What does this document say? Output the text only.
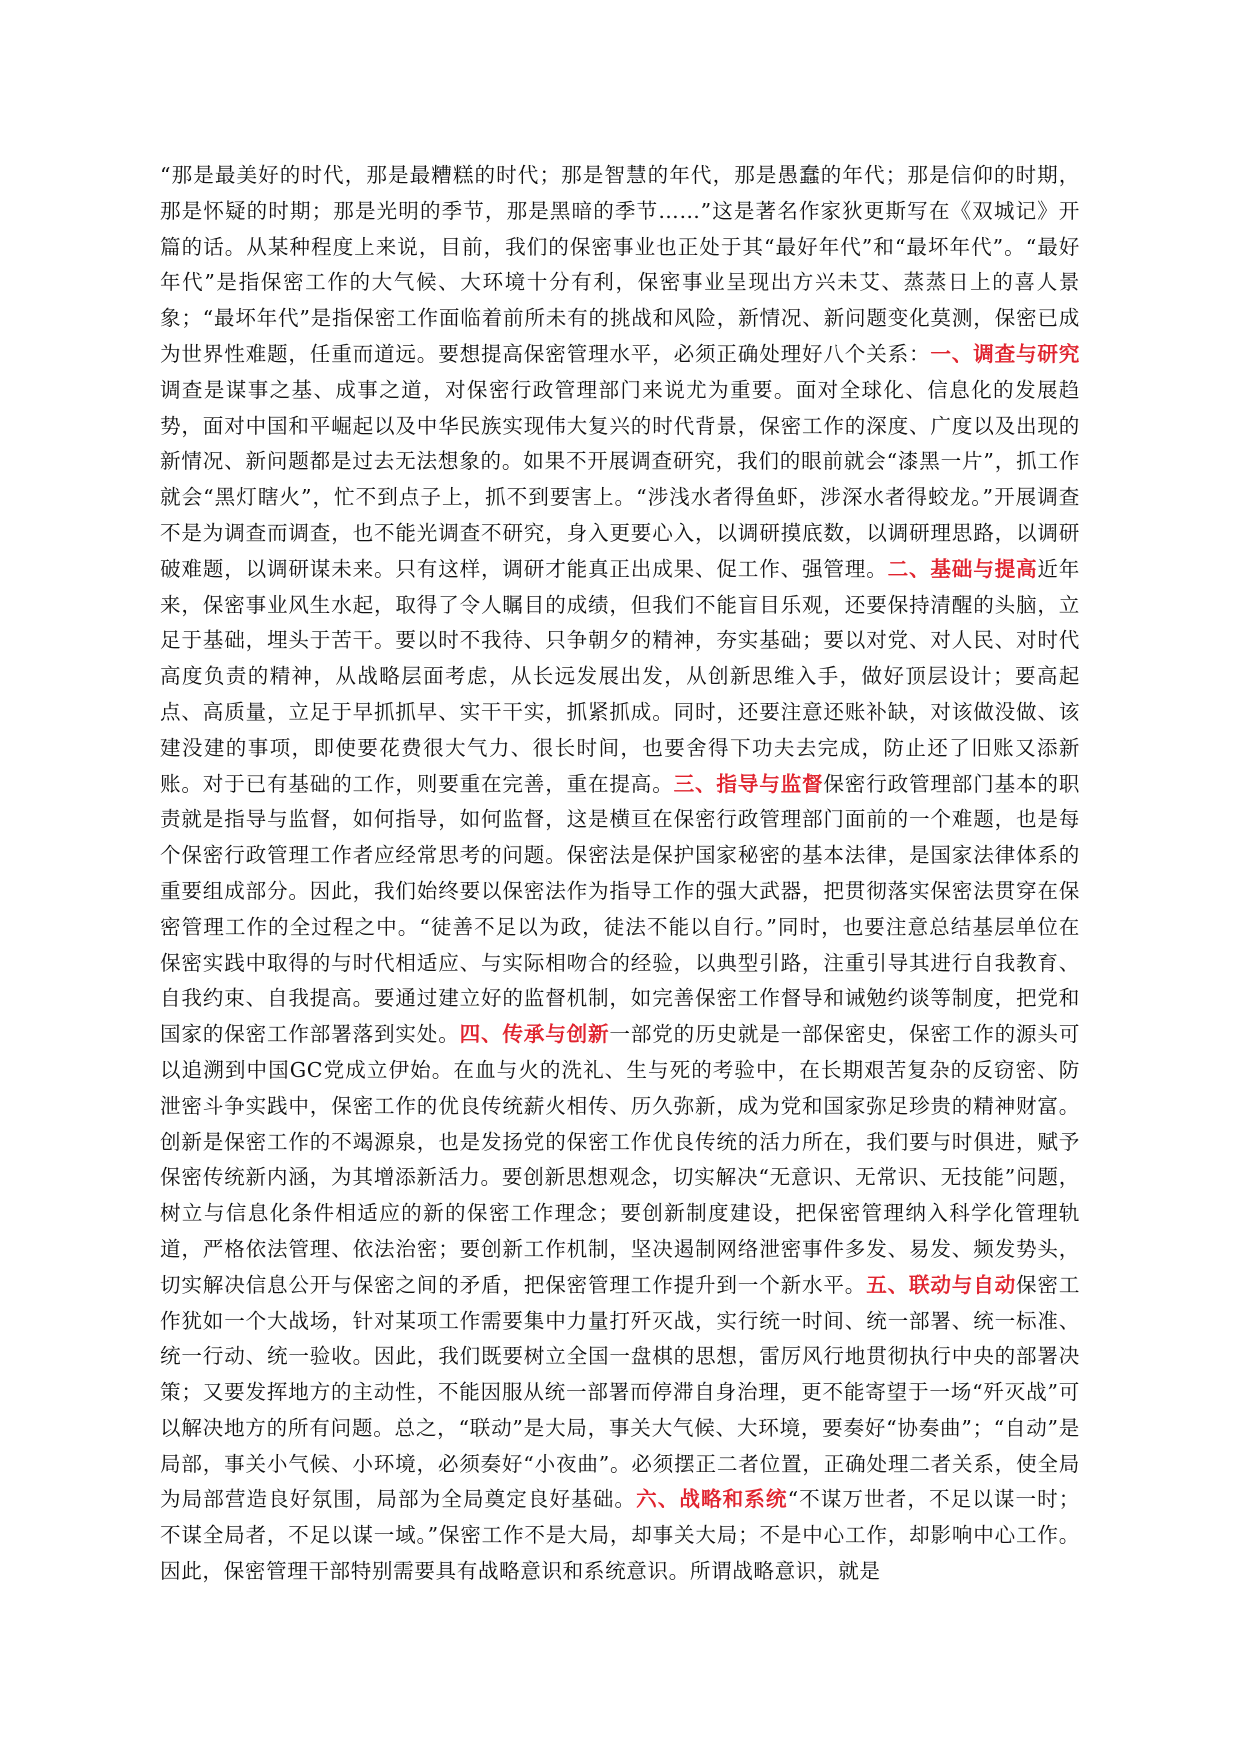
“那是最美好的时代，那是最糟糕的时代；那是智慧的年代，那是愚蠢的年代；那是信仰的时期，那是怀疑的时期；那是光明的季节，那是黑暗的季节……”这是著名作家狄更斯写在《双城记》开篇的话。从某种程度上来说，目前，我们的保密事业也正处于其“最好年代”和“最坏年代”。“最好年代”是指保密工作的大气候、大环境十分有利，保密事业呈现出方兴未艾、蒸蒸日上的喜人景象；“最坏年代”是指保密工作面临着前所未有的挑战和风险，新情况、新问题变化莫测，保密已成为世界性难题，任重而道远。要想提高保密管理水平，必须正确处理好八个关系：一、调查与研究调查是谋事之基、成事之道，对保密行政管理部门来说尤为重要。面对全球化、信息化的发展趋势，面对中国和平崛起以及中华民族实现伟大复兴的时代背景，保密工作的深度、广度以及出现的新情况、新问题都是过去无法想象的。如果不开展调查研究，我们的眼前就会“漆黑一片”，抓工作就会“黑灯瞎火”，忙不到点子上，抓不到要害上。“涉浅水者得鱼虾，涉深水者得蛟龙。”开展调查不是为调查而调查，也不能光调查不研究，身入更要心入，以调研摸底数，以调研理思路，以调研破难题，以调研谋未来。只有这样，调研才能真正出成果、促工作、强管理。二、基础与提高近年来，保密事业风生水起，取得了令人瞩目的成绩，但我们不能盲目乐观，还要保持清醒的头脑，立足于基础，埋头于苦干。要以时不我待、只争朝夕的精神，夯实基础；要以对党、对人民、对时代高度负责的精神，从战略层面考虑，从长远发展出发，从创新思维入手，做好顶层设计；要高起点、高质量，立足于早抓抓早、实干干实，抓紧抓成。同时，还要注意还账补缺，对该做没做、该建没建的事项，即使要花费很大气力、很长时间，也要舍得下功夫去完成，防止还了旧账又添新账。对于已有基础的工作，则要重在完善，重在提高。三、指导与监督保密行政管理部门基本的职责就是指导与监督，如何指导，如何监督，这是横亘在保密行政管理部门面前的一个难题，也是每个保密行政管理工作者应经常思考的问题。保密法是保护国家秘密的基本法律，是国家法律体系的重要组成部分。因此，我们始终要以保密法作为指导工作的强大武器，把贯彻落实保密法贯穿在保密管理工作的全过程之中。“徒善不足以为政，徒法不能以自行。”同时，也要注意总结基层单位在保密实践中取得的与时代相适应、与实际相吻合的经验，以典型引路，注重引导其进行自我教育、自我约束、自我提高。要通过建立好的监督机制，如完善保密工作督导和诫勉约谈等制度，把党和国家的保密工作部署落到实处。四、传承与创新一部党的历史就是一部保密史，保密工作的源头可以追溯到中国GC党成立伊始。在血与火的洗礼、生与死的考验中，在长期艰苦复杂的反窃密、防泄密斗争实践中，保密工作的优良传统薪火相传、历久弥新，成为党和国家弥足珍贵的精神财富。创新是保密工作的不竭源泉，也是发扬党的保密工作优良传统的活力所在，我们要与时俱进，赋予保密传统新内涵，为其增添新活力。要创新思想观念，切实解决“无意识、无常识、无技能”问题，树立与信息化条件相适应的新的保密工作理念；要创新制度建设，把保密管理纳入科学化管理轨道，严格依法管理、依法治密；要创新工作机制，坚决遏制网络泄密事件多发、易发、频发势头，切实解决信息公开与保密之间的矛盾，把保密管理工作提升到一个新水平。五、联动与自动保密工作犹如一个大战场，针对某项工作需要集中力量打歼灭战，实行统一时间、统一部署、统一标准、统一行动、统一验收。因此，我们既要树立全国一盘棋的思想，雷厉风行地贯彻执行中央的部署决策；又要发挥地方的主动性，不能因服从统一部署而停滞自身治理，更不能寄望于一场“歼灭战”可以解决地方的所有问题。总之，“联动”是大局，事关大气候、大环境，要奏好“协奏曲”；“自动”是局部，事关小气候、小环境，必须奏好“小夜曲”。必须摆正二者位置，正确处理二者关系，使全局为局部营造良好氛围，局部为全局奠定良好基础。六、战略和系统“不谋万世者，不足以谋一时；不谋全局者，不足以谋一域。”保密工作不是大局，却事关大局；不是中心工作，却影响中心工作。因此，保密管理干部特别需要具有战略意识和系统意识。所谓战略意识，就是
